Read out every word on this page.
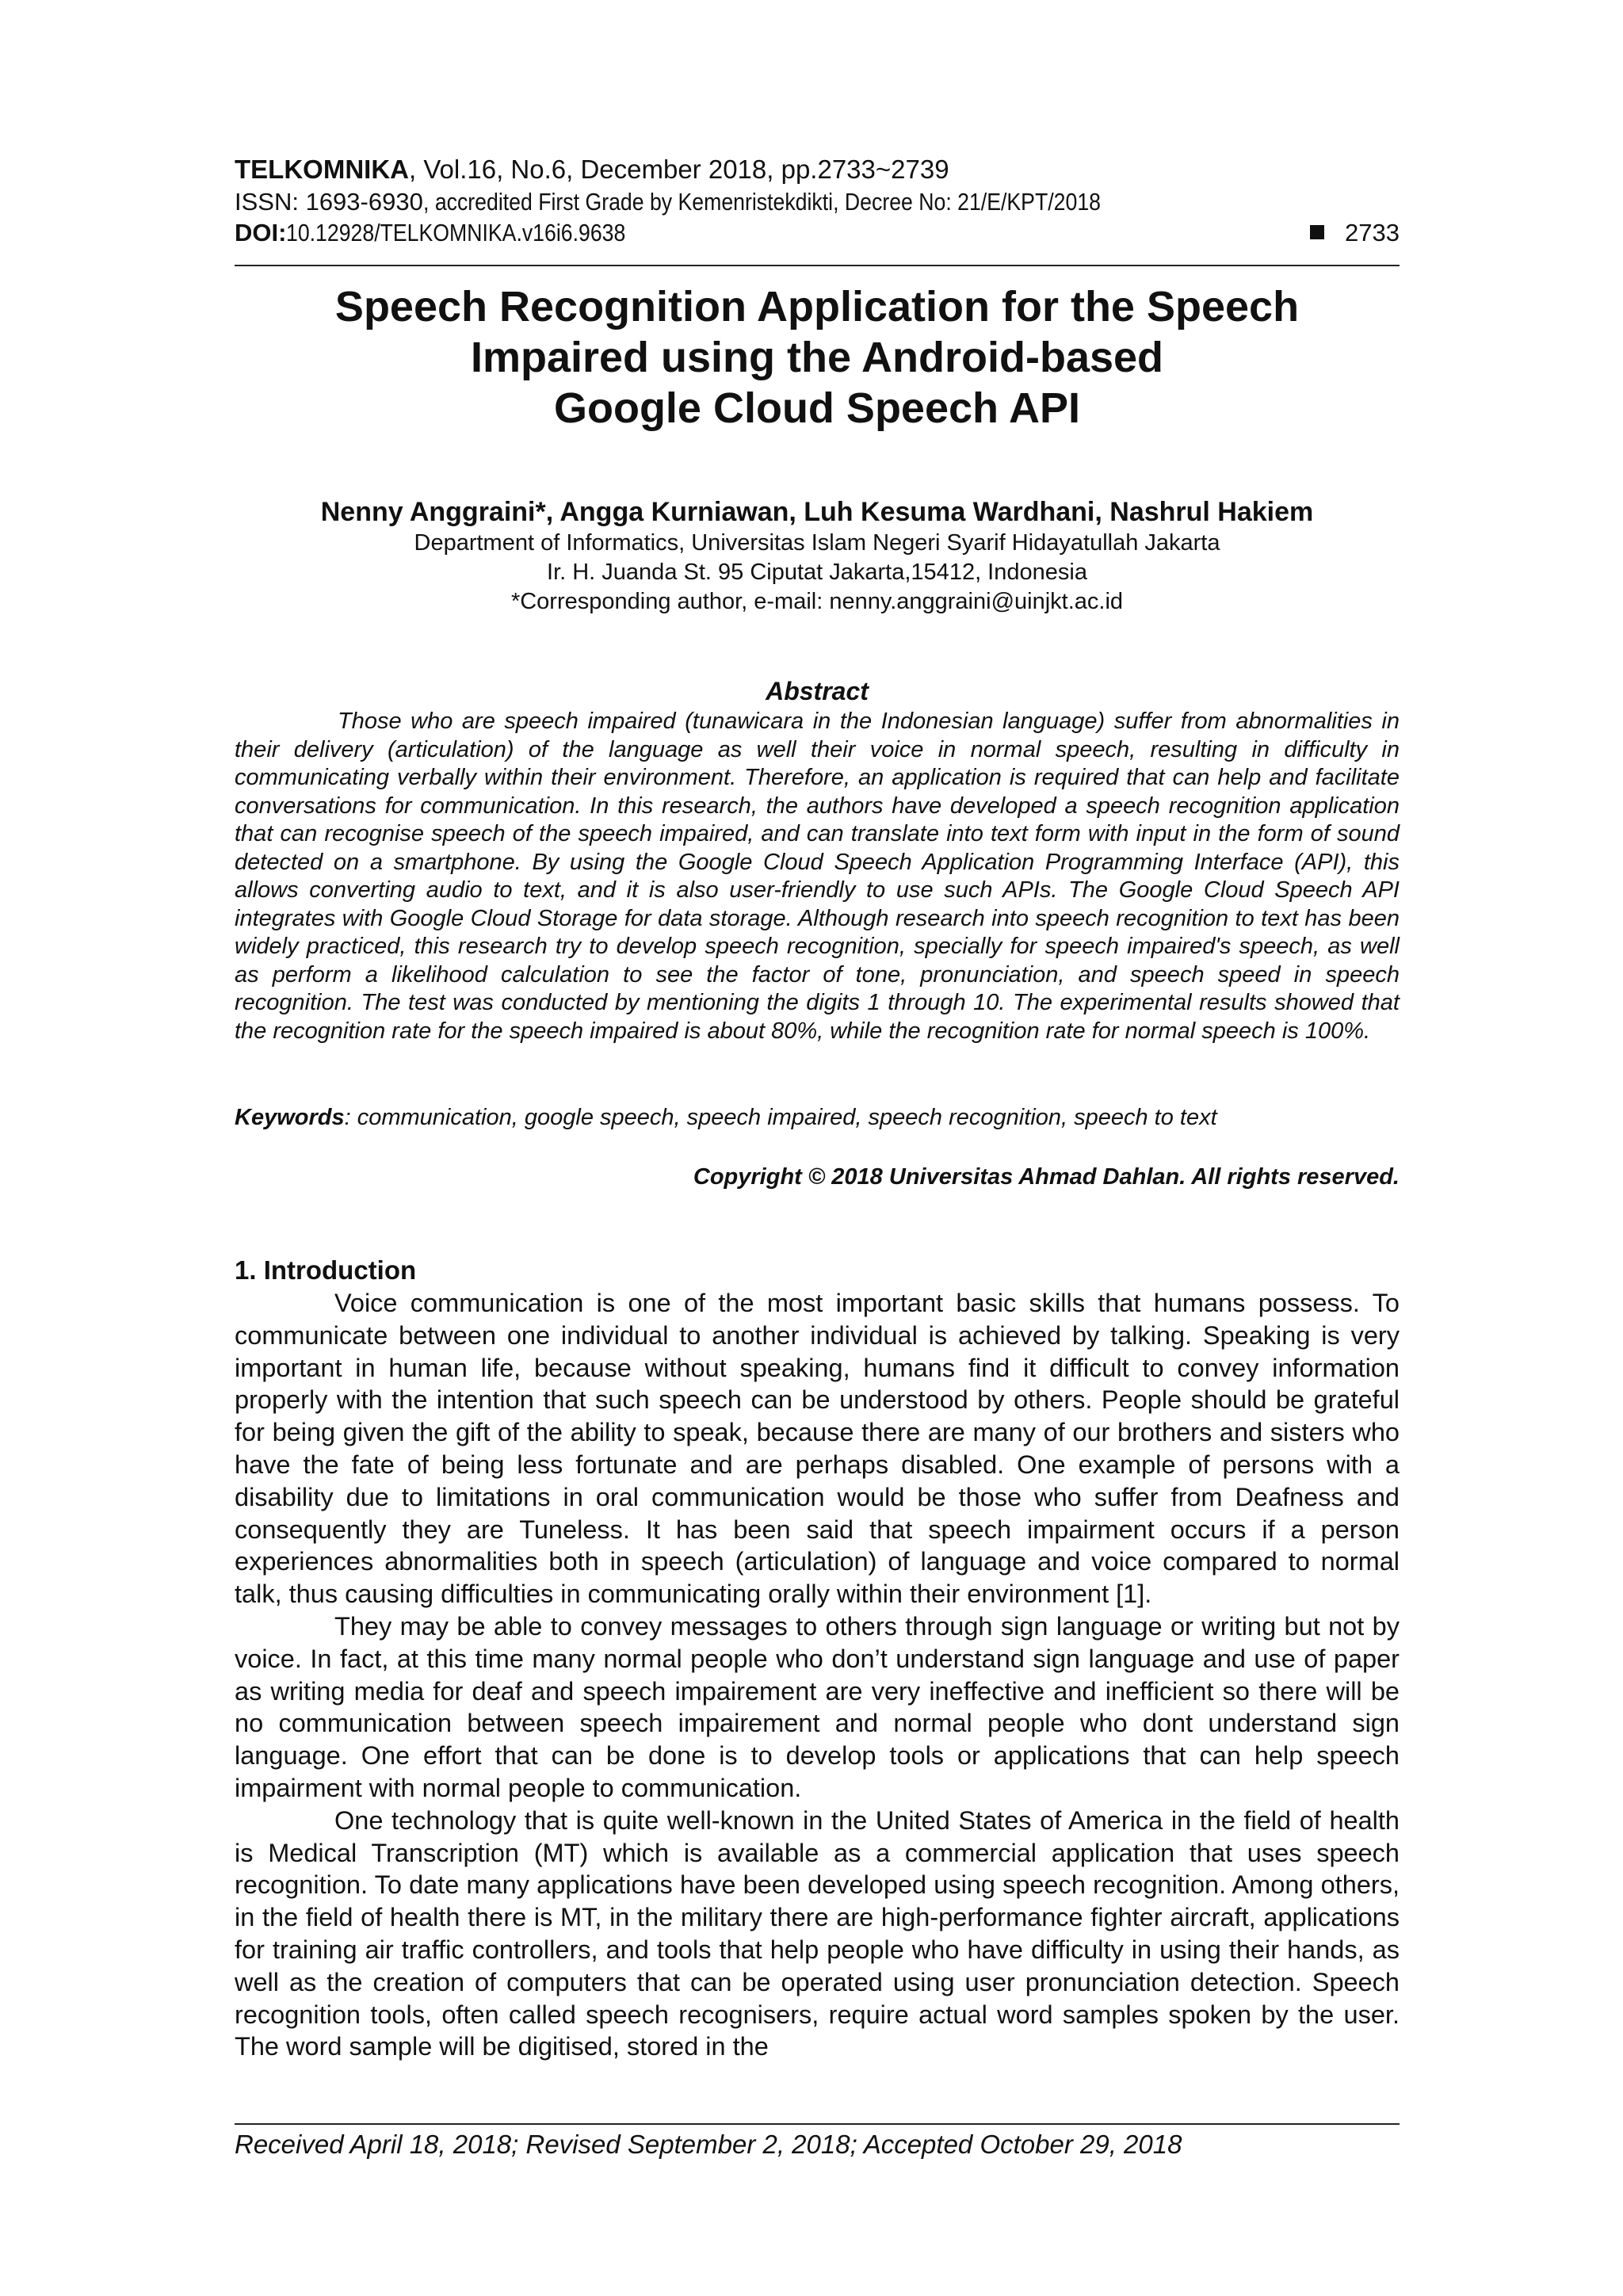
TELKOMNIKA, Vol.16, No.6, December 2018, pp.2733~2739
ISSN: 1693-6930, accredited First Grade by Kemenristekdikti, Decree No: 21/E/KPT/2018
DOI:10.12928/TELKOMNIKA.v16i6.9638	2733
Speech Recognition Application for the Speech
Impaired using the Android-based
Google Cloud Speech API
Nenny Anggraini*, Angga Kurniawan, Luh Kesuma Wardhani, Nashrul Hakiem
Department of Informatics, Universitas Islam Negeri Syarif Hidayatullah Jakarta
Ir. H. Juanda St. 95 Ciputat Jakarta,15412, Indonesia
*Corresponding author, e-mail: nenny.anggraini@uinjkt.ac.id
Abstract
Those who are speech impaired (tunawicara in the Indonesian language) suffer from abnormalities in their delivery (articulation) of the language as well their voice in normal speech, resulting in difficulty in communicating verbally within their environment. Therefore, an application is required that can help and facilitate conversations for communication. In this research, the authors have developed a speech recognition application that can recognise speech of the speech impaired, and can translate into text form with input in the form of sound detected on a smartphone. By using the Google Cloud Speech Application Programming Interface (API), this allows converting audio to text, and it is also user-friendly to use such APIs. The Google Cloud Speech API integrates with Google Cloud Storage for data storage. Although research into speech recognition to text has been widely practiced, this research try to develop speech recognition, specially for speech impaired's speech, as well as perform a likelihood calculation to see the factor of tone, pronunciation, and speech speed in speech recognition. The test was conducted by mentioning the digits 1 through 10. The experimental results showed that the recognition rate for the speech impaired is about 80%, while the recognition rate for normal speech is 100%.
Keywords: communication, google speech, speech impaired, speech recognition, speech to text
Copyright © 2018 Universitas Ahmad Dahlan. All rights reserved.
1. Introduction

Voice communication is one of the most important basic skills that humans possess. To communicate between one individual to another individual is achieved by talking. Speaking is very important in human life, because without speaking, humans find it difficult to convey information properly with the intention that such speech can be understood by others. People should be grateful for being given the gift of the ability to speak, because there are many of our brothers and sisters who have the fate of being less fortunate and are perhaps disabled. One example of persons with a disability due to limitations in oral communication would be those who suffer from Deafness and consequently they are Tuneless. It has been said that speech impairment occurs if a person experiences abnormalities both in speech (articulation) of language and voice compared to normal talk, thus causing difficulties in communicating orally within their environment [1].

They may be able to convey messages to others through sign language or writing but not by voice. In fact, at this time many normal people who don’t understand sign language and use of paper as writing media for deaf and speech impairement are very ineffective and inefficient so there will be no communication between speech impairement and normal people who dont understand sign language. One effort that can be done is to develop tools or applications that can help speech impairment with normal people to communication.

One technology that is quite well-known in the United States of America in the field of health is Medical Transcription (MT) which is available as a commercial application that uses speech recognition. To date many applications have been developed using speech recognition. Among others, in the field of health there is MT, in the military there are high-performance fighter aircraft, applications for training air traffic controllers, and tools that help people who have difficulty in using their hands, as well as the creation of computers that can be operated using user pronunciation detection. Speech recognition tools, often called speech recognisers, require actual word samples spoken by the user. The word sample will be digitised, stored in the

Received April 18, 2018; Revised September 2, 2018; Accepted October 29, 2018
